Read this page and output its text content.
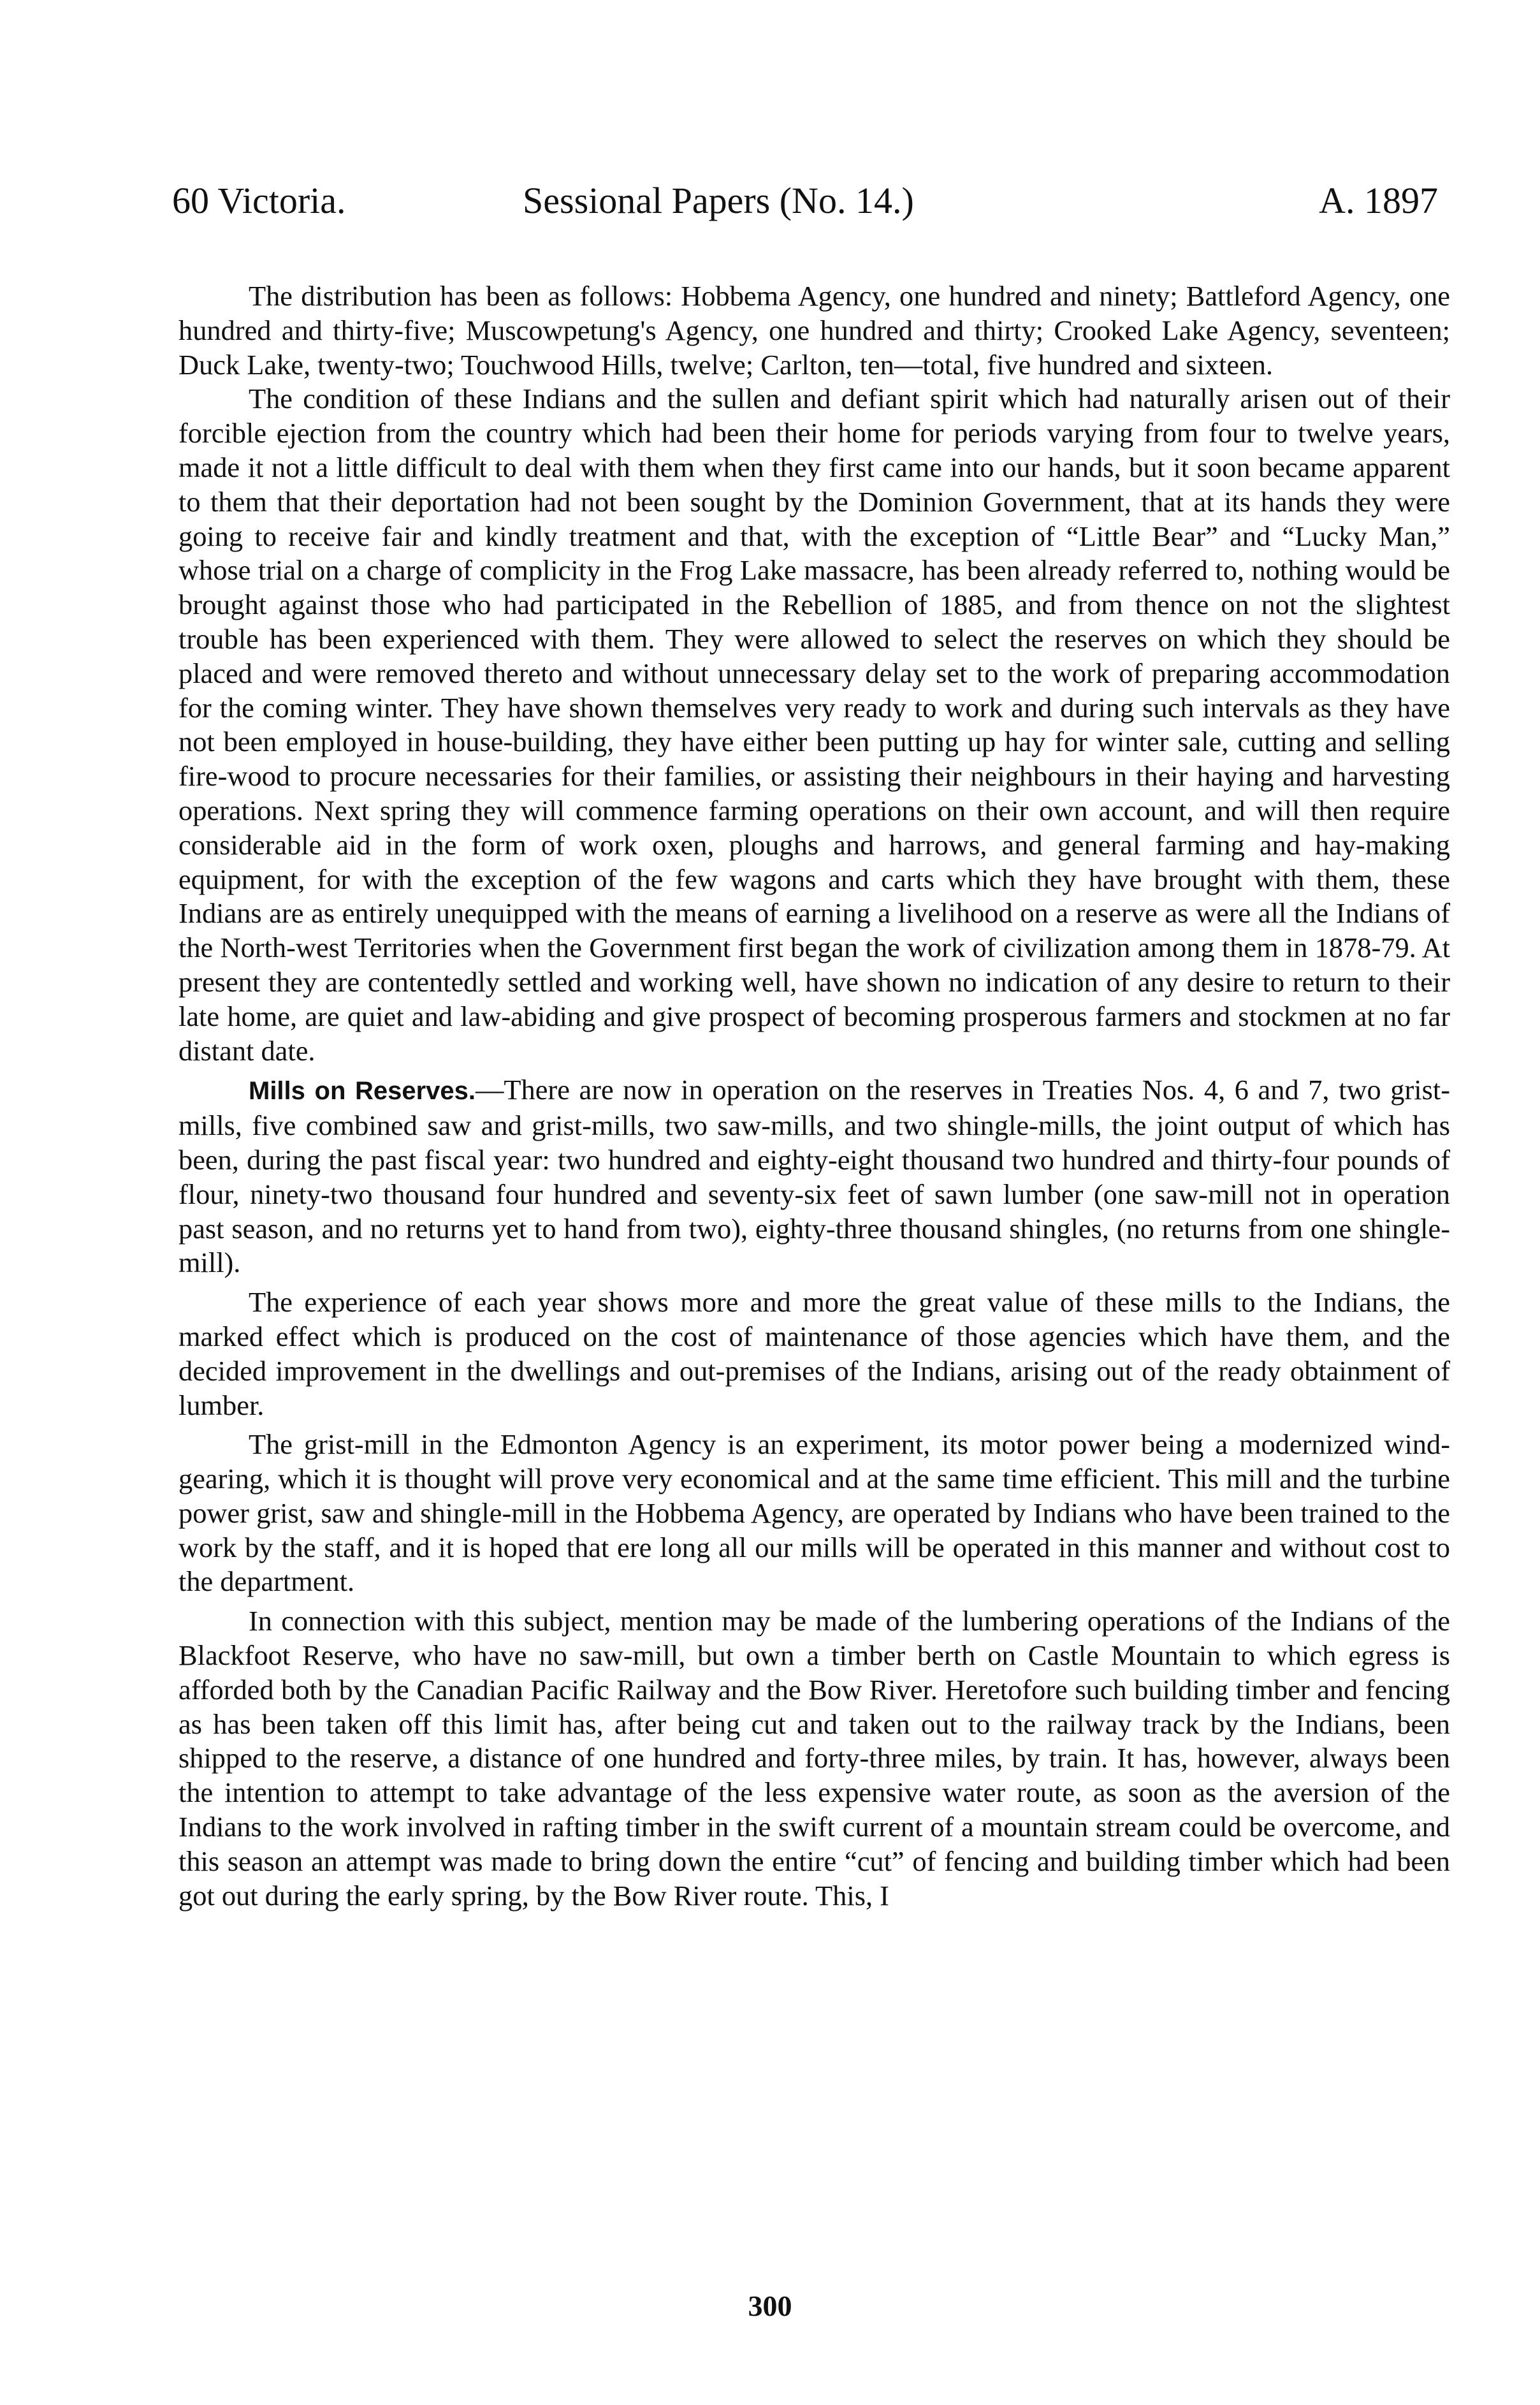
60 Victoria.	Sessional Papers (No. 14.)	A. 1897

The distribution has been as follows: Hobbema Agency, one hundred and ninety; Battleford Agency, one hundred and thirty-five; Muscowpetung's Agency, one hundred and thirty; Crooked Lake Agency, seventeen; Duck Lake, twenty-two; Touchwood Hills, twelve; Carlton, ten—total, five hundred and sixteen.

The condition of these Indians and the sullen and defiant spirit which had naturally arisen out of their forcible ejection from the country which had been their home for periods varying from four to twelve years, made it not a little difficult to deal with them when they first came into our hands, but it soon became apparent to them that their deportation had not been sought by the Dominion Government, that at its hands they were going to receive fair and kindly treatment and that, with the exception of “Little Bear” and “Lucky Man,” whose trial on a charge of complicity in the Frog Lake massacre, has been already referred to, nothing would be brought against those who had participated in the Rebellion of 1885, and from thence on not the slightest trouble has been experienced with them. They were allowed to select the reserves on which they should be placed and were removed thereto and without unnecessary delay set to the work of preparing accommodation for the coming winter. They have shown themselves very ready to work and during such intervals as they have not been employed in house-building, they have either been putting up hay for winter sale, cutting and selling fire-wood to procure necessaries for their families, or assisting their neighbours in their haying and harvesting operations. Next spring they will commence farming operations on their own account, and will then require considerable aid in the form of work oxen, ploughs and harrows, and general farming and hay-making equipment, for with the exception of the few wagons and carts which they have brought with them, these Indians are as entirely unequipped with the means of earning a livelihood on a reserve as were all the Indians of the North-west Territories when the Government first began the work of civilization among them in 1878-79. At present they are contentedly settled and working well, have shown no indication of any desire to return to their late home, are quiet and law-abiding and give prospect of becoming prosperous farmers and stockmen at no far distant date.

Mills on Reserves.—There are now in operation on the reserves in Treaties Nos. 4, 6 and 7, two grist-mills, five combined saw and grist-mills, two saw-mills, and two shingle-mills, the joint output of which has been, during the past fiscal year: two hundred and eighty-eight thousand two hundred and thirty-four pounds of flour, ninety-two thousand four hundred and seventy-six feet of sawn lumber (one saw-mill not in operation past season, and no returns yet to hand from two), eighty-three thousand shingles, (no returns from one shingle-mill).

The experience of each year shows more and more the great value of these mills to the Indians, the marked effect which is produced on the cost of maintenance of those agencies which have them, and the decided improvement in the dwellings and out-premises of the Indians, arising out of the ready obtainment of lumber.

The grist-mill in the Edmonton Agency is an experiment, its motor power being a modernized wind-gearing, which it is thought will prove very economical and at the same time efficient. This mill and the turbine power grist, saw and shingle-mill in the Hobbema Agency, are operated by Indians who have been trained to the work by the staff, and it is hoped that ere long all our mills will be operated in this manner and without cost to the department.

In connection with this subject, mention may be made of the lumbering operations of the Indians of the Blackfoot Reserve, who have no saw-mill, but own a timber berth on Castle Mountain to which egress is afforded both by the Canadian Pacific Railway and the Bow River. Heretofore such building timber and fencing as has been taken off this limit has, after being cut and taken out to the railway track by the Indians, been shipped to the reserve, a distance of one hundred and forty-three miles, by train. It has, however, always been the intention to attempt to take advantage of the less expensive water route, as soon as the aversion of the Indians to the work involved in rafting timber in the swift current of a mountain stream could be overcome, and this season an attempt was made to bring down the entire “cut” of fencing and building timber which had been got out during the early spring, by the Bow River route. This, I

300
